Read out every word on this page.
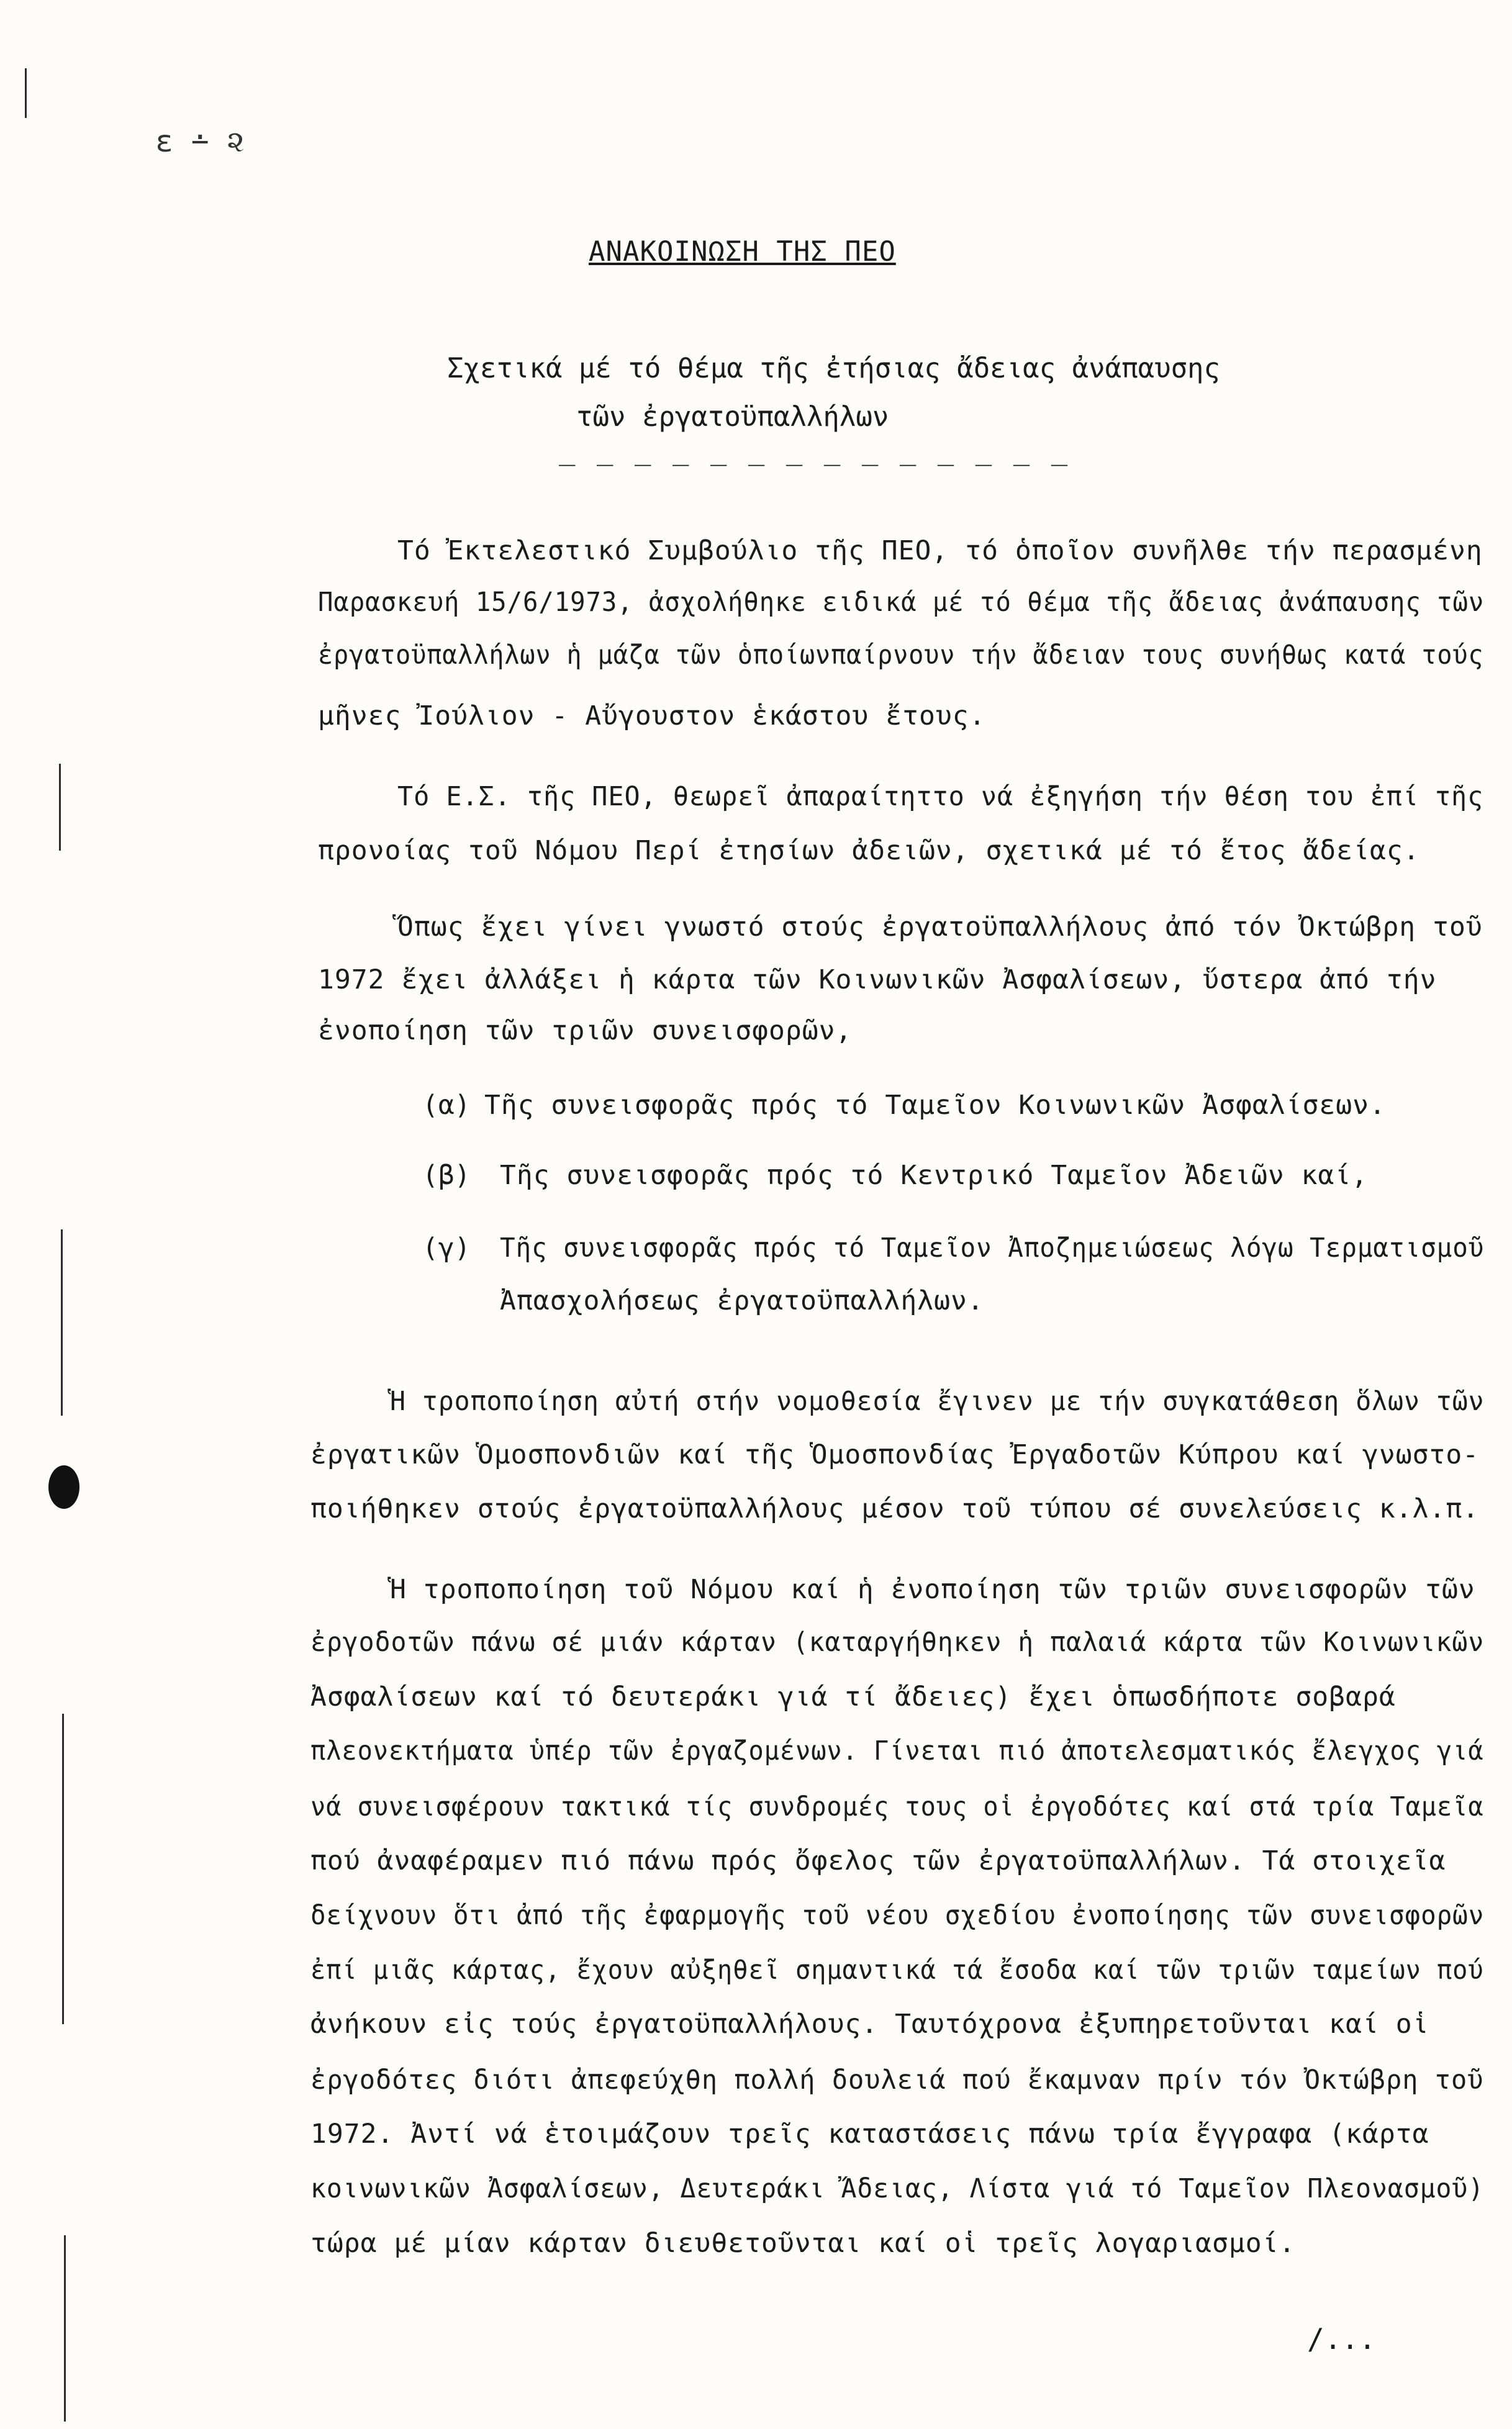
ɛ ∸ ૨
ΑΝΑΚΟΙΝΩΣΗ ΤΗΣ ΠΕΟ
Σχετικά μέ τό θέμα τῆς ἐτήσιας ἄδειας ἀνάπαυσης
τῶν ἐργατοϋπαλλήλων
_ _ _ _ _ _ _ _ _ _ _ _ _ _
Τό Ἐκτελεστικό Συμβούλιο τῆς ΠΕΟ, τό ὁποῖον συνῆλθε τήν περασμένη
Παρασκευή 15/6/1973, ἀσχολήθηκε ειδικά μέ τό θέμα τῆς ἄδειας ἀνάπαυσης τῶν
ἐργατοϋπαλλήλων ἡ μάζα τῶν ὁποίωνπαίρνουν τήν ἄδειαν τους συνήθως κατά τούς
μῆνες Ἰούλιον - Αὔγουστον ἑκάστου ἔτους.
Τό Ε.Σ. τῆς ΠΕΟ, θεωρεῖ ἀπαραίτηττο νά ἐξηγήση τήν θέση του ἐπί τῆς
προνοίας τοῦ Νόμου Περί ἐτησίων ἀδειῶν, σχετικά μέ τό ἔτος ἄδείας.
Ὅπως ἔχει γίνει γνωστό στούς ἐργατοϋπαλλήλους ἀπό τόν Ὀκτώβρη τοῦ
1972 ἔχει ἀλλάξει ἡ κάρτα τῶν Κοινωνικῶν Ἀσφαλίσεων, ὕστερα ἀπό τήν
ἐνοποίηση τῶν τριῶν συνεισφορῶν,
(α) Τῆς συνεισφορᾶς πρός τό Ταμεῖον Κοινωνικῶν Ἀσφαλίσεων.
(β) Τῆς συνεισφορᾶς πρός τό Κεντρικό Ταμεῖον Ἀδειῶν καί,
(γ) Τῆς συνεισφορᾶς πρός τό Ταμεῖον Ἀποζημειώσεως λόγω Τερματισμοῦ
Ἀπασχολήσεως ἐργατοϋπαλλήλων.
Ἡ τροποποίηση αὐτή στήν νομοθεσία ἔγινεν με τήν συγκατάθεση ὅλων τῶν
ἐργατικῶν Ὁμοσπονδιῶν καί τῆς Ὁμοσπονδίας Ἐργαδοτῶν Κύπρου καί γνωστο-
ποιήθηκεν στούς ἐργατοϋπαλλήλους μέσον τοῦ τύπου σέ συνελεύσεις κ.λ.π.
Ἡ τροποποίηση τοῦ Νόμου καί ἡ ἐνοποίηση τῶν τριῶν συνεισφορῶν τῶν
ἐργοδοτῶν πάνω σέ μιάν κάρταν (καταργήθηκεν ἡ παλαιά κάρτα τῶν Κοινωνικῶν
Ἀσφαλίσεων καί τό δευτεράκι γιά τί ἄδειες) ἔχει ὁπωσδήποτε σοβαρά
πλεονεκτήματα ὑπέρ τῶν ἐργαζομένων. Γίνεται πιό ἀποτελεσματικός ἔλεγχος γιά
νά συνεισφέρουν τακτικά τίς συνδρομές τους οἱ ἐργοδότες καί στά τρία Ταμεῖα
πού ἀναφέραμεν πιό πάνω πρός ὄφελος τῶν ἐργατοϋπαλλήλων. Τά στοιχεῖα
δείχνουν ὅτι ἀπό τῆς ἐφαρμογῆς τοῦ νέου σχεδίου ἐνοποίησης τῶν συνεισφορῶν
ἐπί μιᾶς κάρτας, ἔχουν αὐξηθεῖ σημαντικά τά ἔσοδα καί τῶν τριῶν ταμείων πού
ἀνήκουν εἰς τούς ἐργατοϋπαλλήλους. Ταυτόχρονα ἐξυπηρετοῦνται καί οἱ
ἐργοδότες διότι ἀπεφεύχθη πολλή δουλειά πού ἔκαμναν πρίν τόν Ὀκτώβρη τοῦ
1972. Ἀντί νά ἑτοιμάζουν τρεῖς καταστάσεις πάνω τρία ἔγγραφα (κάρτα
κοινωνικῶν Ἀσφαλίσεων, Δευτεράκι Ἄδειας, Λίστα γιά τό Ταμεῖον Πλεονασμοῦ)
τώρα μέ μίαν κάρταν διευθετοῦνται καί οἱ τρεῖς λογαριασμοί.
/...
